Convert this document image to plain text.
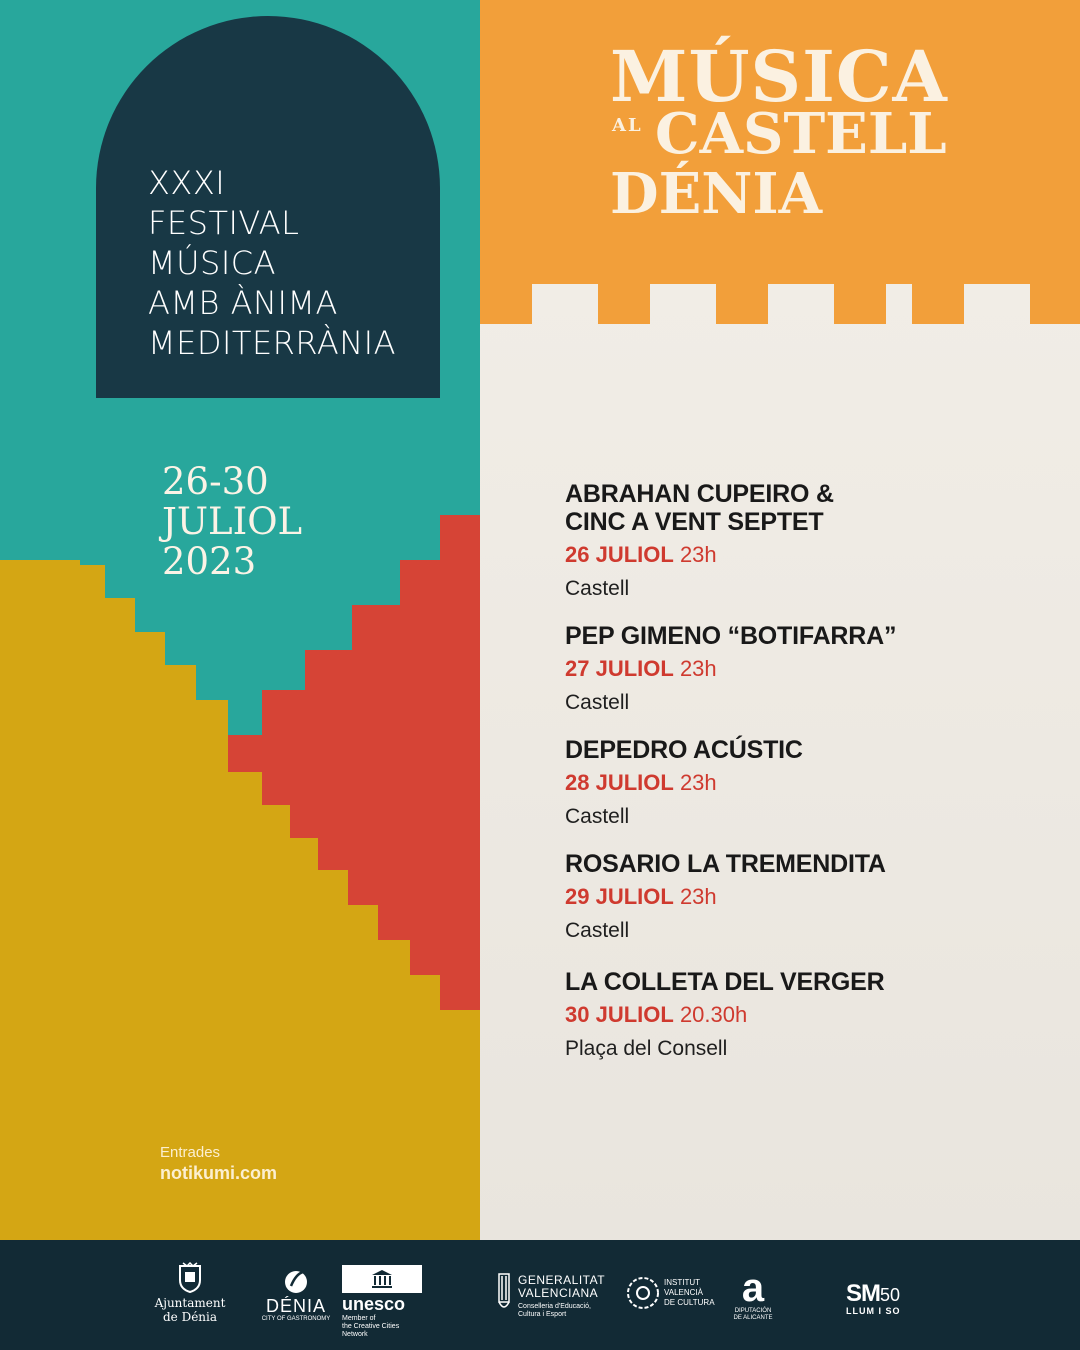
XXXI
FESTIVAL
MÚSICA
AMB ÀNIMA
MEDITERRÀNIA
26-30
JULIOL
2023
Entrades
notikumi.com
MÚSICA
AL CASTELL
DÉNIA
ABRAHAN CUPEIRO &
CINC A VENT SEPTET
26 JULIOL 23h
Castell
PEP GIMENO “BOTIFARRA”
27 JULIOL 23h
Castell
DEPEDRO ACÚSTIC
28 JULIOL 23h
Castell
ROSARIO LA TREMENDITA
29 JULIOL 23h
Castell
LA COLLETA DEL VERGER
30 JULIOL 20.30h
Plaça del Consell
Ajuntament
de Dénia
DÉNIA
CITY OF GASTRONOMY
unesco
Member of
the Creative Cities Network
GENERALITAT
VALENCIANA
Conselleria d'Educació,
Cultura i Esport
INSTITUT
VALENCIÀ
DE CULTURA a
DIPUTACIÓN
DE ALICANTE
SM50
LLUM I SO
